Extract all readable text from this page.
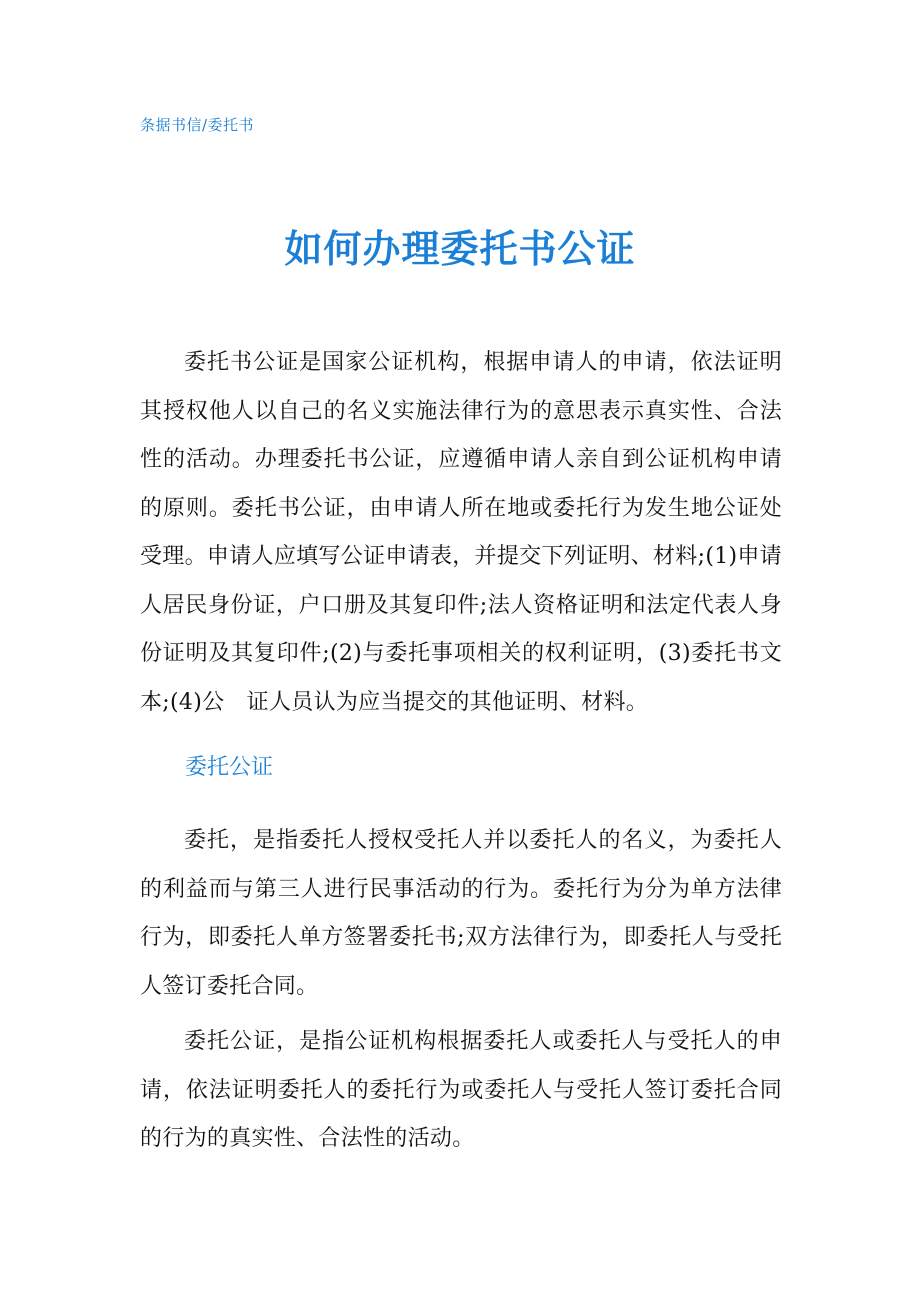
条据书信/委托书
如何办理委托书公证

委托书公证是国家公证机构，根据申请人的申请，依法证明其授权他人以自己的名义实施法律行为的意思表示真实性、合法性的活动。办理委托书公证，应遵循申请人亲自到公证机构申请的原则。委托书公证，由申请人所在地或委托行为发生地公证处受理。申请人应填写公证申请表，并提交下列证明、材料;(1)申请人居民身份证，户口册及其复印件;法人资格证明和法定代表人身份证明及其复印件;(2)与委托事项相关的权利证明，(3)委托书文本;(4)公　证人员认为应当提交的其他证明、材料。

委托公证

委托，是指委托人授权受托人并以委托人的名义，为委托人的利益而与第三人进行民事活动的行为。委托行为分为单方法律行为，即委托人单方签署委托书;双方法律行为，即委托人与受托人签订委托合同。

委托公证，是指公证机构根据委托人或委托人与受托人的申请，依法证明委托人的委托行为或委托人与受托人签订委托合同的行为的真实性、合法性的活动。
